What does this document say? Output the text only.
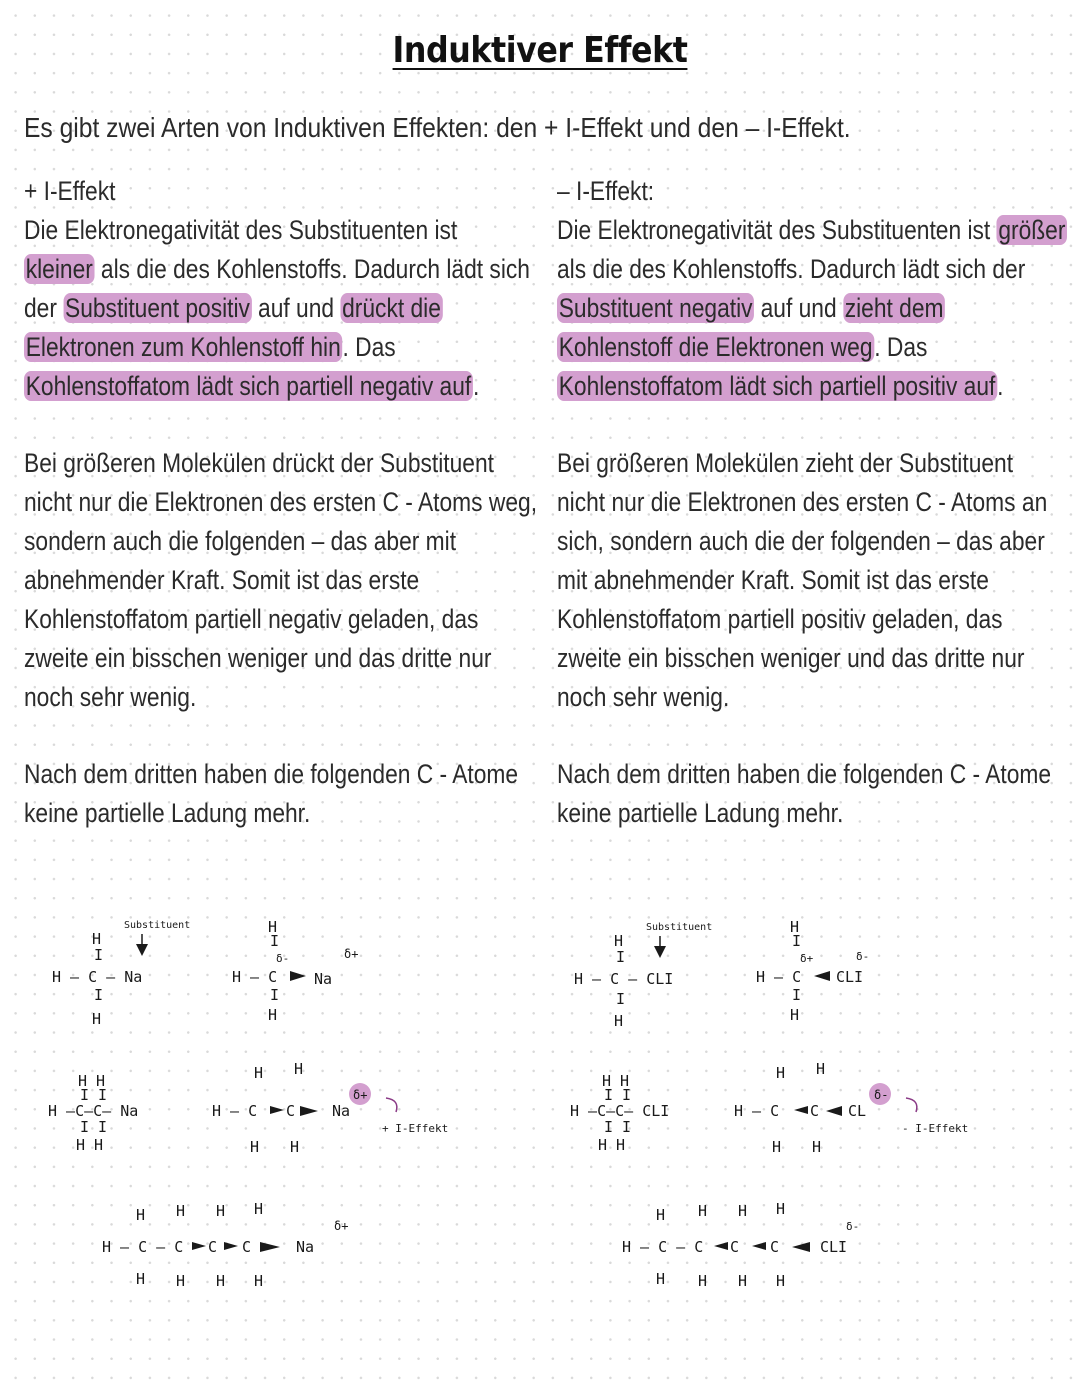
Induktiver Effekt
Es gibt zwei Arten von Induktiven Effekten: den + I-Effekt und den – I-Effekt.

+ I-Effekt

Die Elektronegativität des Substituenten ist

kleiner als die des Kohlenstoffs. Dadurch lädt sich

der Substituent positiv auf und drückt die

Elektronen zum Kohlenstoff hin. Das

Kohlenstoffatom lädt sich partiell negativ auf.

Bei größeren Molekülen drückt der Substituent

nicht nur die Elektronen des ersten C - Atoms weg,

sondern auch die folgenden – das aber mit

abnehmender Kraft. Somit ist das erste

Kohlenstoffatom partiell negativ geladen, das

zweite ein bisschen weniger und das dritte nur

noch sehr wenig.

Nach dem dritten haben die folgenden C - Atome

keine partielle Ladung mehr.

– I-Effekt:

Die Elektronegativität des Substituenten ist größer

als die des Kohlenstoffs. Dadurch lädt sich der

Substituent negativ auf und zieht dem

Kohlenstoff die Elektronen weg. Das

Kohlenstoffatom lädt sich partiell positiv auf.

Bei größeren Molekülen zieht der Substituent

nicht nur die Elektronen des ersten C - Atoms an

sich, sondern auch die der folgenden – das aber

mit abnehmender Kraft. Somit ist das erste

Kohlenstoffatom partiell positiv geladen, das

zweite ein bisschen weniger und das dritte nur

noch sehr wenig.

Nach dem dritten haben die folgenden C - Atome

keine partielle Ladung mehr.

Substituent
H
I
H – C – Na
I
H
H
I
δ-
H – C Na
δ+
I
H
H H
I I
H –C–C– Na
I I
H H
H H
H – C C Na
δ+
+ I-Effekt
H H
H H H H
H – C – C C C	Na
δ+
H H H H
Substituent
H
I
H – C – CLI
I
H
H
I
δ+
H – C CLI
δ-
I
H
H H
I I
H –C–C– CLI
I I
H H
H H
H – C C CL
δ-
- I-Effekt
H H
H H H H
H – C – C C C	CLI
δ-
H H H H
